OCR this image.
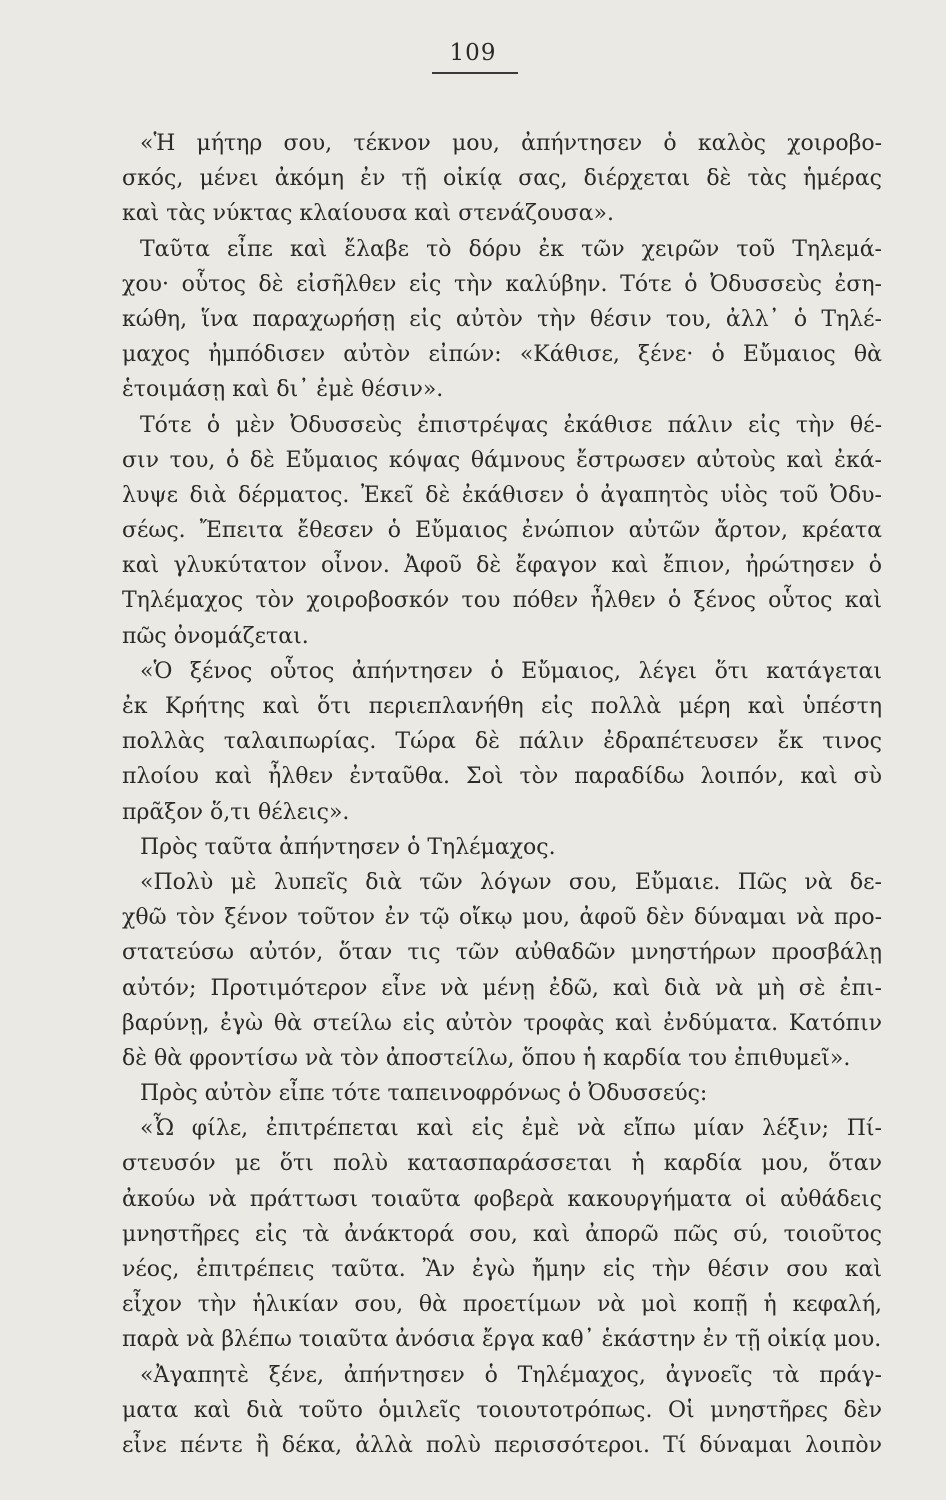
109
«Ἡ μήτηρ σου, τέκνον μου, ἀπήντησεν ὁ καλὸς χοιροβο-
σκός, μένει ἀκόμη ἐν τῇ οἰκίᾳ σας, διέρχεται δὲ τὰς ἡμέρας
καὶ τὰς νύκτας κλαίουσα καὶ στενάζουσα».
Ταῦτα εἶπε καὶ ἔλαβε τὸ δόρυ ἐκ τῶν χειρῶν τοῦ Τηλεμά-
χου· οὗτος δὲ εἰσῆλθεν εἰς τὴν καλύβην. Τότε ὁ Ὀδυσσεὺς ἐση-
κώθη, ἵνα παραχωρήσῃ εἰς αὐτὸν τὴν θέσιν του, ἀλλ᾽ ὁ Τηλέ-
μαχος ἠμπόδισεν αὐτὸν εἰπών: «Κάθισε, ξένε· ὁ Εὔμαιος θὰ
ἑτοιμάσῃ καὶ δι᾽ ἐμὲ θέσιν».
Τότε ὁ μὲν Ὀδυσσεὺς ἐπιστρέψας ἐκάθισε πάλιν εἰς τὴν θέ-
σιν του, ὁ δὲ Εὔμαιος κόψας θάμνους ἔστρωσεν αὐτοὺς καὶ ἐκά-
λυψε διὰ δέρματος. Ἐκεῖ δὲ ἐκάθισεν ὁ ἀγαπητὸς υἱὸς τοῦ Ὀδυ-
σέως. Ἔπειτα ἔθεσεν ὁ Εὔμαιος ἐνώπιον αὐτῶν ἄρτον, κρέατα
καὶ γλυκύτατον οἶνον. Ἀφοῦ δὲ ἔφαγον καὶ ἔπιον, ἠρώτησεν ὁ
Τηλέμαχος τὸν χοιροβοσκόν του πόθεν ἦλθεν ὁ ξένος οὗτος καὶ
πῶς ὀνομάζεται.
«Ὁ ξένος οὗτος ἀπήντησεν ὁ Εὔμαιος, λέγει ὅτι κατάγεται
ἐκ Κρήτης καὶ ὅτι περιεπλανήθη εἰς πολλὰ μέρη καὶ ὑπέστη
πολλὰς ταλαιπωρίας. Τώρα δὲ πάλιν ἐδραπέτευσεν ἔκ τινος
πλοίου καὶ ἦλθεν ἐνταῦθα. Σοὶ τὸν παραδίδω λοιπόν, καὶ σὺ
πρᾶξον ὅ,τι θέλεις».
Πρὸς ταῦτα ἀπήντησεν ὁ Τηλέμαχος.
«Πολὺ μὲ λυπεῖς διὰ τῶν λόγων σου, Εὔμαιε. Πῶς νὰ δε-
χθῶ τὸν ξένον τοῦτον ἐν τῷ οἴκῳ μου, ἀφοῦ δὲν δύναμαι νὰ προ-
στατεύσω αὐτόν, ὅταν τις τῶν αὐθαδῶν μνηστήρων προσβάλῃ
αὐτόν; Προτιμότερον εἶνε νὰ μένῃ ἐδῶ, καὶ διὰ νὰ μὴ σὲ ἐπι-
βαρύνῃ, ἐγὼ θὰ στείλω εἰς αὐτὸν τροφὰς καὶ ἐνδύματα. Κατόπιν
δὲ θὰ φροντίσω νὰ τὸν ἀποστείλω, ὅπου ἡ καρδία του ἐπιθυμεῖ».
Πρὸς αὐτὸν εἶπε τότε ταπεινοφρόνως ὁ Ὀδυσσεύς:
«Ὦ φίλε, ἐπιτρέπεται καὶ εἰς ἐμὲ νὰ εἴπω μίαν λέξιν; Πί-
στευσόν με ὅτι πολὺ κατασπαράσσεται ἡ καρδία μου, ὅταν
ἀκούω νὰ πράττωσι τοιαῦτα φοβερὰ κακουργήματα οἱ αὐθάδεις
μνηστῆρες εἰς τὰ ἀνάκτορά σου, καὶ ἀπορῶ πῶς σύ, τοιοῦτος
νέος, ἐπιτρέπεις ταῦτα. Ἂν ἐγὼ ἤμην εἰς τὴν θέσιν σου καὶ
εἶχον τὴν ἡλικίαν σου, θὰ προετίμων νὰ μοὶ κοπῇ ἡ κεφαλή,
παρὰ νὰ βλέπω τοιαῦτα ἀνόσια ἔργα καθ᾽ ἑκάστην ἐν τῇ οἰκίᾳ μου.
«Ἀγαπητὲ ξένε, ἀπήντησεν ὁ Τηλέμαχος, ἀγνοεῖς τὰ πράγ-
ματα καὶ διὰ τοῦτο ὁμιλεῖς τοιουτοτρόπως. Οἱ μνηστῆρες δὲν
εἶνε πέντε ἢ δέκα, ἀλλὰ πολὺ περισσότεροι. Τί δύναμαι λοιπὸν
